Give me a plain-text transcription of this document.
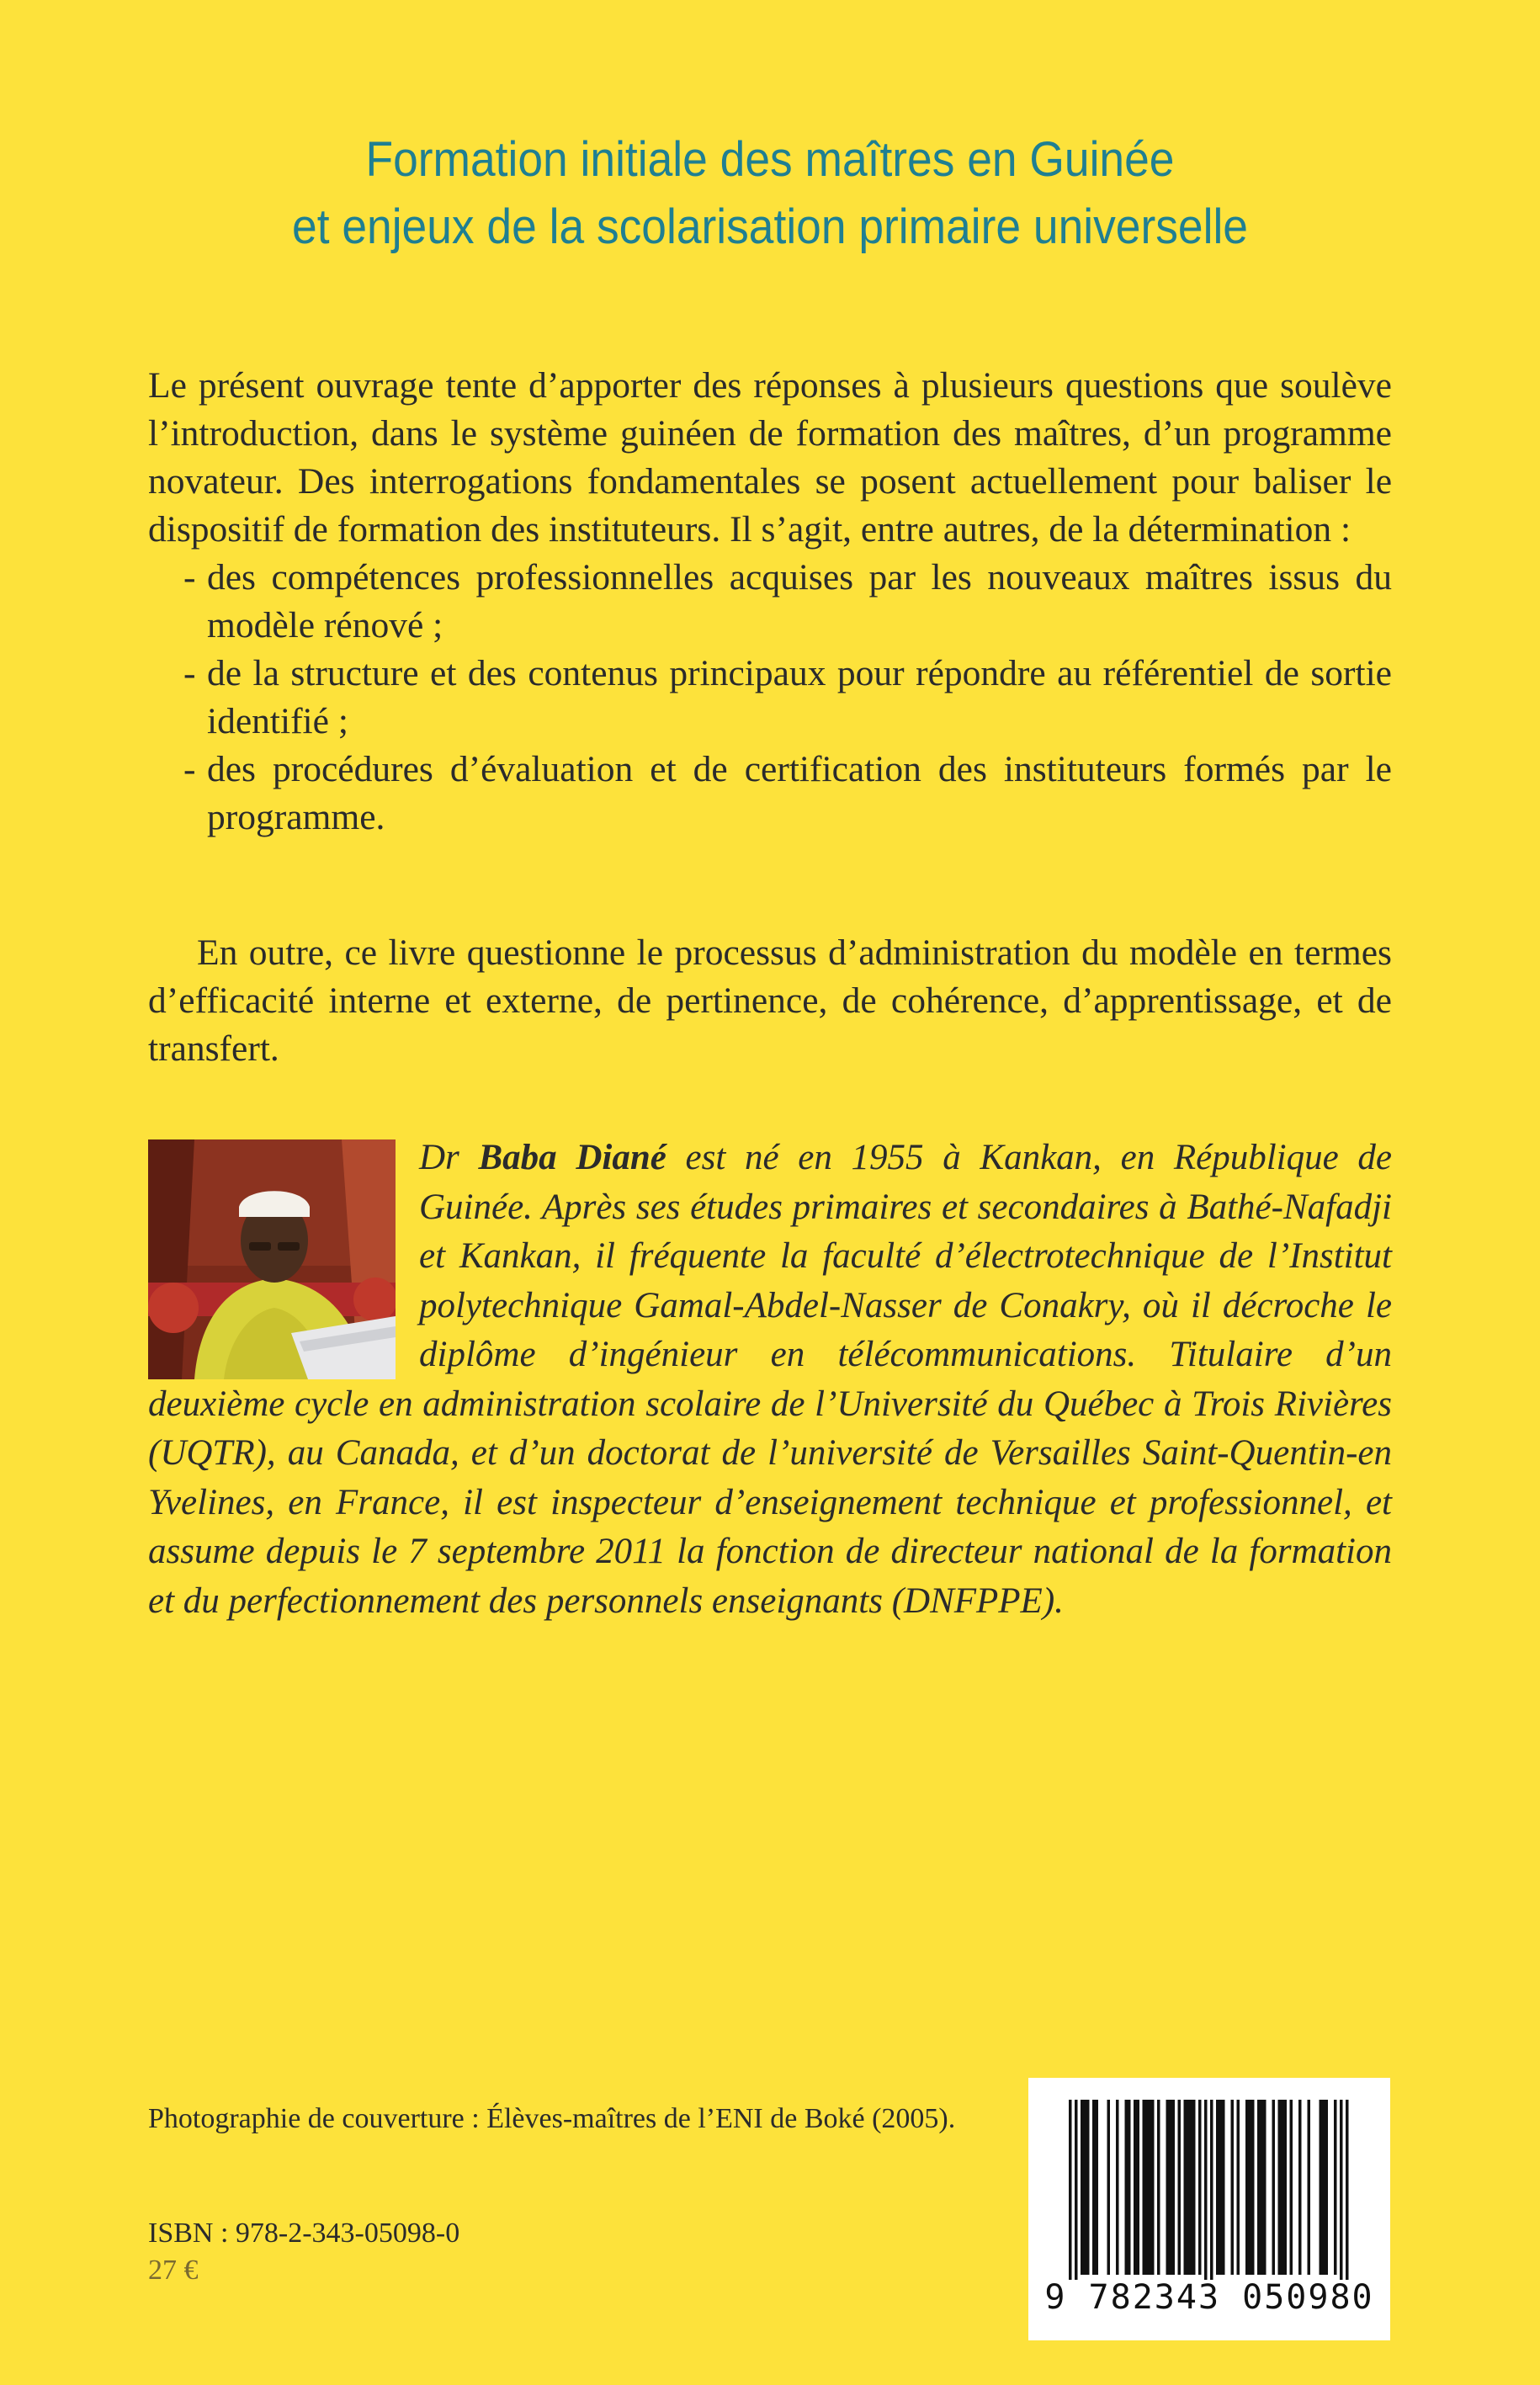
Formation initiale des maîtres en Guinée
et enjeux de la scolarisation primaire universelle

Le présent ouvrage tente d’apporter des réponses à plusieurs questions que soulève l’introduction, dans le système guinéen de formation des maîtres, d’un programme novateur. Des interrogations fondamentales se posent actuellement pour baliser le dispositif de formation des instituteurs. Il s’agit, entre autres, de la détermination :

- des compétences professionnelles acquises par les nouveaux maîtres issus du modèle rénové ;
- de la structure et des contenus principaux pour répondre au référentiel de sortie identifié ;
- des procédures d’évaluation et de certification des instituteurs formés par le programme.

En outre, ce livre questionne le processus d’administration du modèle en termes d’efficacité interne et externe, de pertinence, de cohérence, d’apprentissage, et de transfert.

Dr Baba Diané est né en 1955 à Kankan, en République de Guinée. Après ses études primaires et secondaires à Bathé-Nafadji et Kankan, il fréquente la faculté d’électrotechnique de l’Institut polytechnique Gamal-Abdel-Nasser de Conakry, où il décroche le diplôme d’ingénieur en télécommunications. Titulaire d’un deuxième cycle en administration scolaire de l’Université du Québec à Trois Rivières (UQTR), au Canada, et d’un doctorat de l’université de Versailles Saint-Quentin-en Yvelines, en France, il est inspecteur d’enseignement technique et professionnel, et assume depuis le 7 septembre 2011 la fonction de directeur national de la formation et du perfectionnement des personnels enseignants (DNFPPE).
Photographie de couverture : Élèves-maîtres de l’ENI de Boké (2005).
ISBN : 978-2-343-05098-0
27 €
9 782343 050980
